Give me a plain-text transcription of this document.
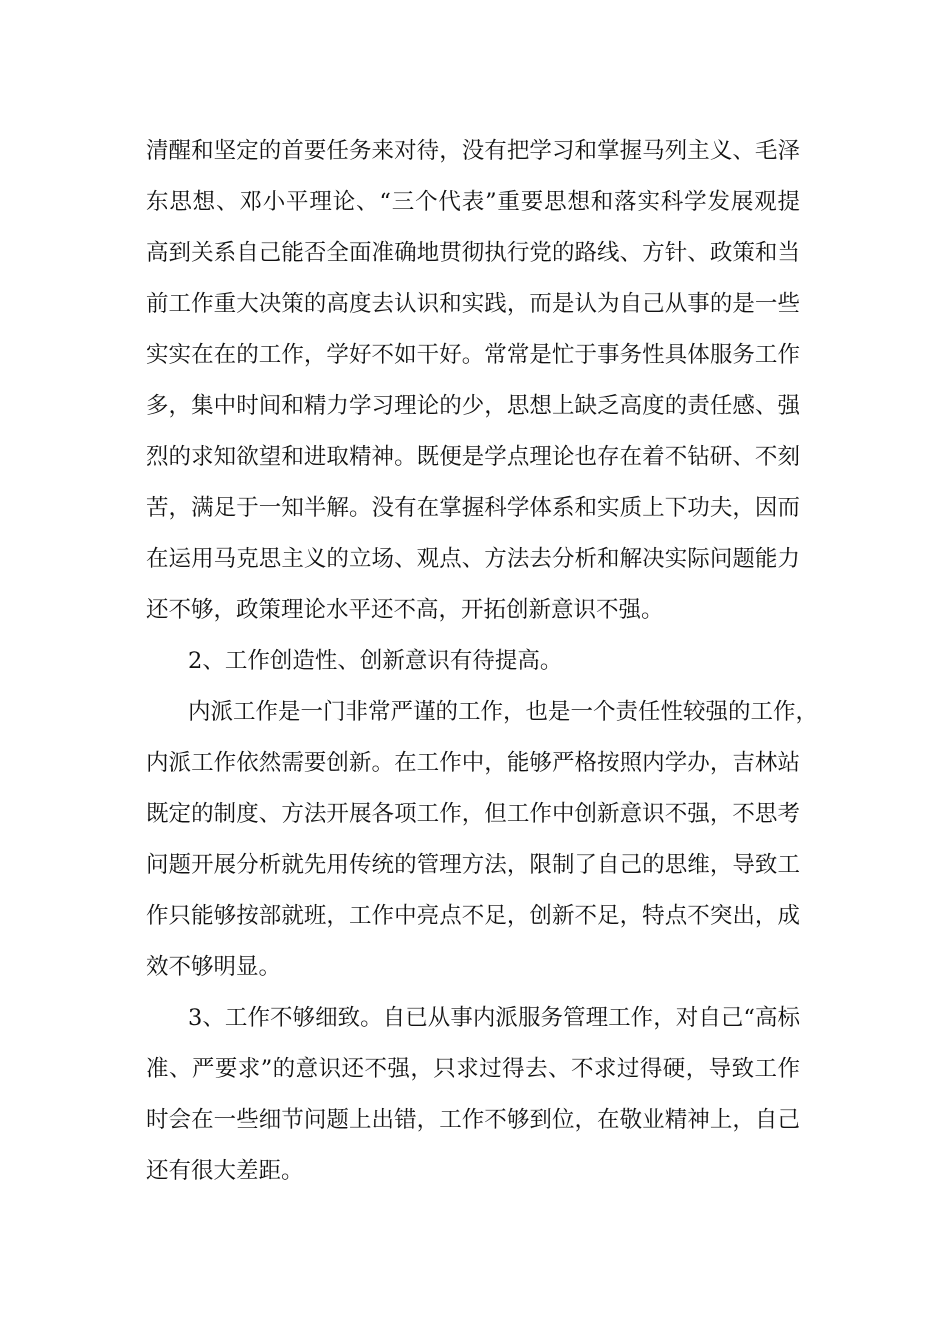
清醒和坚定的首要任务来对待，没有把学习和掌握马列主义、毛泽
东思想、邓小平理论、“三个代表”重要思想和落实科学发展观提
高到关系自己能否全面准确地贯彻执行党的路线、方针、政策和当
前工作重大决策的高度去认识和实践，而是认为自己从事的是一些
实实在在的工作，学好不如干好。常常是忙于事务性具体服务工作
多，集中时间和精力学习理论的少，思想上缺乏高度的责任感、强
烈的求知欲望和进取精神。既便是学点理论也存在着不钻研、不刻
苦，满足于一知半解。没有在掌握科学体系和实质上下功夫，因而
在运用马克思主义的立场、观点、方法去分析和解决实际问题能力
还不够，政策理论水平还不高，开拓创新意识不强。
2、工作创造性、创新意识有待提高。
内派工作是一门非常严谨的工作，也是一个责任性较强的工作，
内派工作依然需要创新。在工作中，能够严格按照内学办，吉林站
既定的制度、方法开展各项工作，但工作中创新意识不强，不思考
问题开展分析就先用传统的管理方法，限制了自己的思维，导致工
作只能够按部就班，工作中亮点不足，创新不足，特点不突出，成
效不够明显。
3、工作不够细致。自已从事内派服务管理工作，对自己“高标
准、严要求”的意识还不强，只求过得去、不求过得硬，导致工作
时会在一些细节问题上出错，工作不够到位，在敬业精神上，自己
还有很大差距。
